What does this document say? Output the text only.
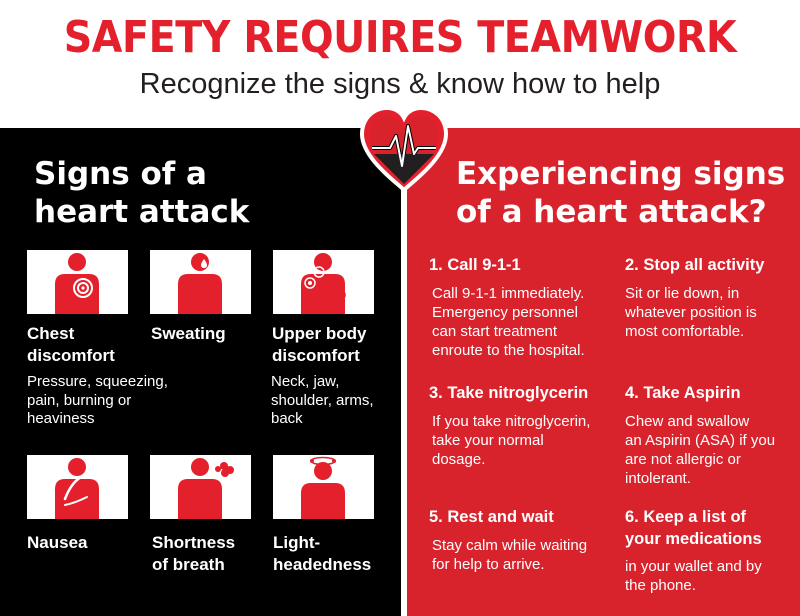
SAFETY REQUIRES TEAMWORK
Recognize the signs & know how to help
Signs of a
heart attack
Experiencing signs
of a heart attack?
Chest
discomfort
Sweating	Upper body
discomfort
Pressure, squeezing,
pain, burning or
heaviness
Neck, jaw,
shoulder, arms,
back
Nausea	Shortness
of breath
Light-
headedness
1. Call 9-1-1
Call 9-1-1 immediately.
Emergency personnel
can start treatment
enroute to the hospital.
2. Stop all activity
Sit or lie down, in
whatever position is
most comfortable.
3. Take nitroglycerin
If you take nitroglycerin,
take your normal
dosage.
4. Take Aspirin
Chew and swallow
an Aspirin (ASA) if you
are not allergic or
intolerant.
5. Rest and wait
Stay calm while waiting
for help to arrive.
6. Keep a list of
your medications
in your wallet and by
the phone.
